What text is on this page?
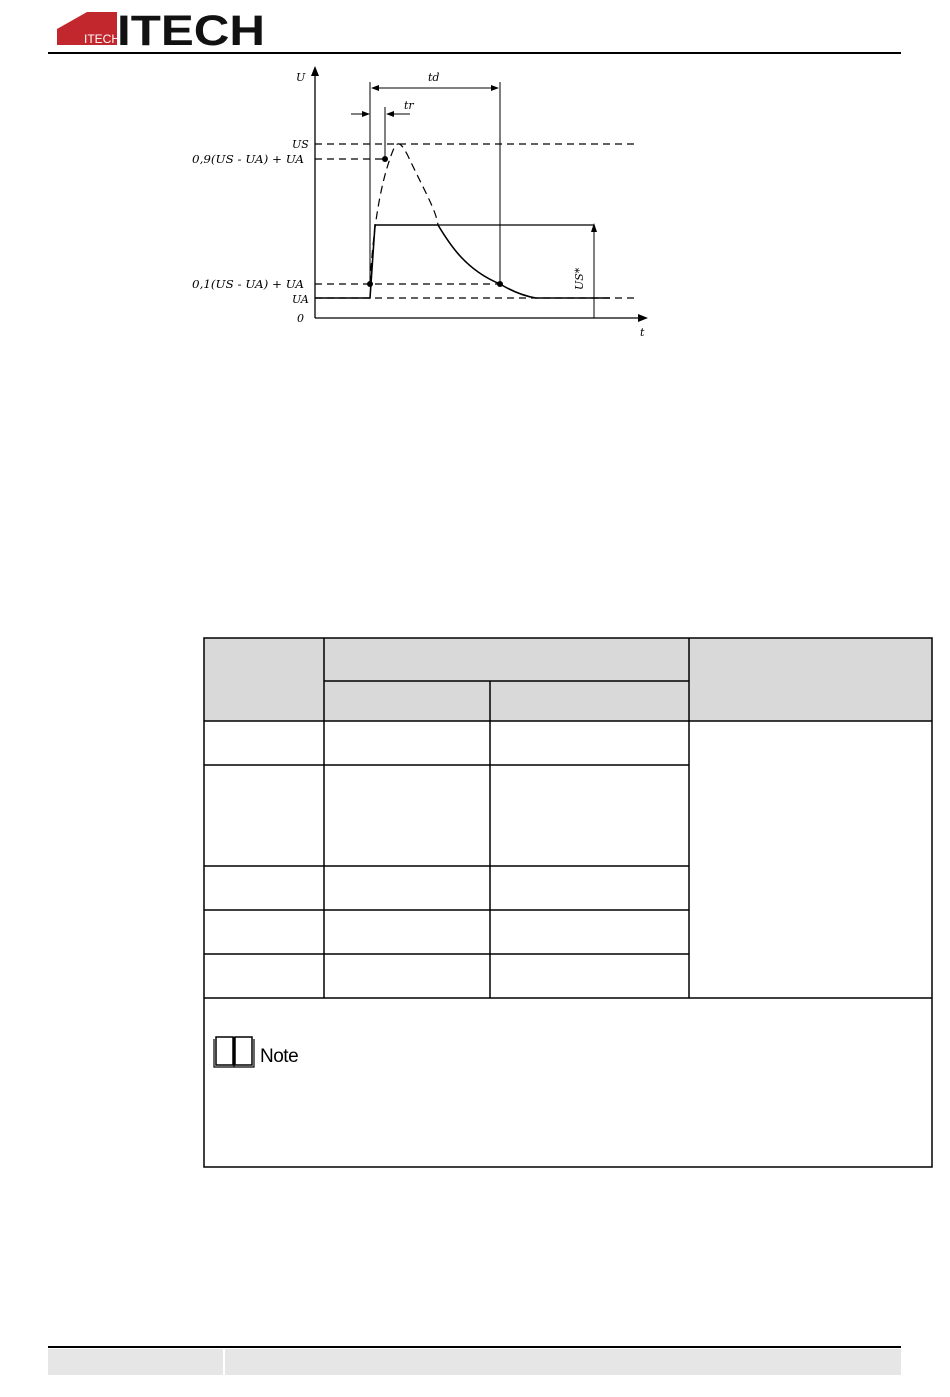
ITECH
ITECH
U
t
td
tr
US
0,9(US - UA) + UA
0,1(US - UA) + UA
UA
0
US*
Note
